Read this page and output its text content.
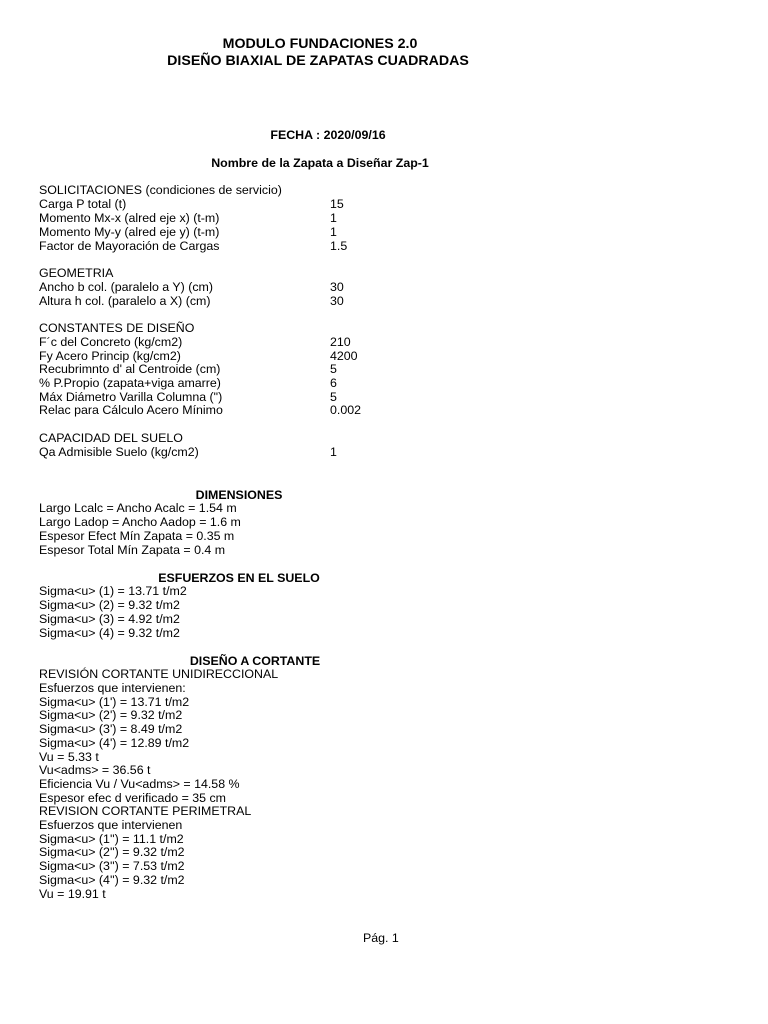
MODULO FUNDACIONES 2.0
DISEÑO BIAXIAL DE ZAPATAS CUADRADAS
FECHA : 2020/09/16
Nombre de la Zapata a Diseñar Zap-1
SOLICITACIONES (condiciones de servicio)
Carga P total (t)	15
Momento Mx-x (alred eje x) (t-m)	1
Momento My-y (alred eje y) (t-m)	1
Factor de Mayoración de Cargas	1.5
GEOMETRIA
Ancho b col. (paralelo a Y) (cm)	30
Altura h col. (paralelo a X) (cm)	30
CONSTANTES DE DISEÑO
F´c del Concreto (kg/cm2)	210
Fy Acero Princip (kg/cm2)	4200
Recubrimnto d' al Centroide (cm)	5
% P.Propio (zapata+viga amarre)	6
Máx Diámetro Varilla Columna (")	5
Relac para Cálculo Acero Mínimo	0.002
CAPACIDAD DEL SUELO
Qa Admisible Suelo (kg/cm2)	1
DIMENSIONES
Largo Lcalc = Ancho Acalc = 1.54 m
Largo Ladop = Ancho Aadop = 1.6 m
Espesor Efect Mín Zapata = 0.35 m
Espesor Total Mín Zapata = 0.4 m
ESFUERZOS EN EL SUELO
Sigma<u> (1) = 13.71 t/m2
Sigma<u> (2) = 9.32 t/m2
Sigma<u> (3) = 4.92 t/m2
Sigma<u> (4) = 9.32 t/m2
DISEÑO A CORTANTE
REVISIÓN CORTANTE UNIDIRECCIONAL
Esfuerzos que intervienen:
Sigma<u> (1') = 13.71 t/m2
Sigma<u> (2') = 9.32 t/m2
Sigma<u> (3') = 8.49 t/m2
Sigma<u> (4') = 12.89 t/m2
Vu = 5.33 t
Vu<adms> = 36.56 t
Eficiencia Vu / Vu<adms> = 14.58 %
Espesor efec d verificado = 35 cm
REVISION CORTANTE PERIMETRAL
Esfuerzos que intervienen
Sigma<u> (1'') = 11.1 t/m2
Sigma<u> (2'') = 9.32 t/m2
Sigma<u> (3'') = 7.53 t/m2
Sigma<u> (4'') = 9.32 t/m2
Vu = 19.91 t
Pág. 1
